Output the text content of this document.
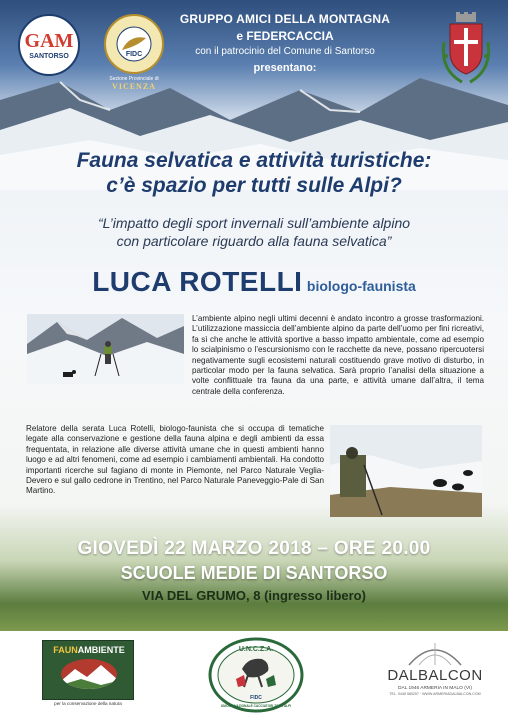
GAM
SANTORSO	FIDC
Sezione Provinciale di
VICENZA
GRUPPO AMICI DELLA MONTAGNA
e FEDERCACCIA
con il patrocinio del Comune di Santorso
presentano:
Fauna selvatica e attività turistiche:
c’è spazio per tutti sulle Alpi?
“L’impatto degli sport invernali sull’ambiente alpino
con particolare riguardo alla fauna selvatica”
LUCA ROTELLI biologo-faunista
L’ambiente alpino negli ultimi decenni è andato incontro a grosse trasformazioni. L’utilizzazione massiccia dell’ambiente alpino da parte dell’uomo per fini ricreativi, fa sì che anche le attività sportive a basso impatto ambientale, come ad esempio lo scialpinismo o l’escursionismo con le racchette da neve, possano ripercuotersi negativamente sugli ecosistemi naturali costituendo grave motivo di disturbo, in particolar modo per la fauna selvatica. Sarà proprio l’analisi della situazione a volte conflittuale tra fauna da una parte, e attività umane dall’altra, il tema centrale della conferenza.
Relatore della serata Luca Rotelli, biologo-faunista che si occupa di tematiche legate alla conservazione e gestione della fauna alpina e degli ambienti da essa frequentata, in relazione alle diverse attività umane che in questi ambienti hanno luogo e ad altri fenomeni, come ad esempio i cambiamenti ambientali. Ha condotto importanti ricerche sul fagiano di monte in Piemonte, nel Parco Naturale Veglia-Devero e sul gallo cedrone in Trentino, nel Parco Naturale Paneveggio-Pale di San Martino.
GIOVEDÌ 22 MARZO 2018 – ORE 20.00
SCUOLE MEDIE DI SANTORSO
VIA DEL GRUMO, 8 (ingresso libero)
FAUNAMBIENTE
per la conservazione della natura
U.N.C.Z.A.
UNIONE NAZIONALE CACCIATORI ZONA ALPI
FIDC
DALBALCON
DAL 1946 ARMERIA IN MALO (VI)
TEL. 0445 580207 · WWW.ARMERIADALBALCON.COM
